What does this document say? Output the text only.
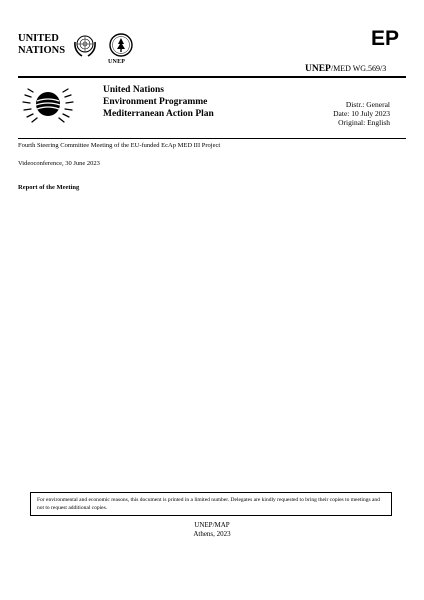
UNITED
NATIONS
UNEP
EP
UNEP/MED WG.569/3
United Nations
Environment Programme
Mediterranean Action Plan
Distr.: General
Date: 10 July 2023
Original: English
Fourth Steering Committee Meeting of the EU-funded EcAp MED III Project
Videoconference, 30 June 2023
Report of the Meeting
For environmental and economic reasons, this document is printed in a limited number. Delegates are kindly requested to bring their copies to meetings and not to request additional copies.
UNEP/MAP
Athens, 2023
